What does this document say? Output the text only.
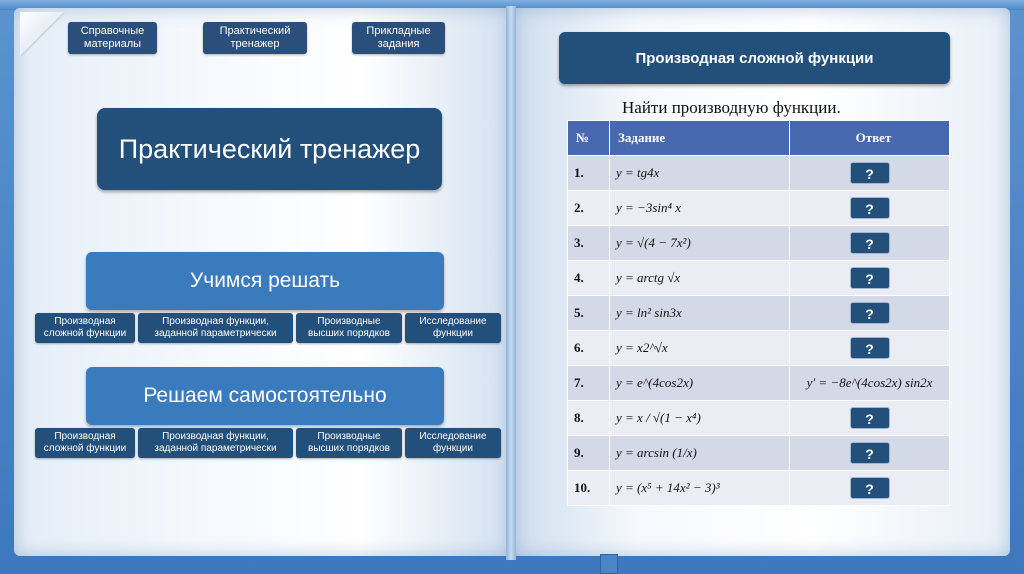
Справочные материалы
Практический тренажер
Прикладные задания
Практический тренажер
Учимся решать
Производная сложной функции
Производная функции, заданной параметрически
Производные высших порядков
Исследование функции
Решаем самостоятельно
Производная сложной функции
Производная функции, заданной параметрически
Производные высших порядков
Исследование функции
Производная сложной функции
Найти производную функции.
№	Задание	Ответ
1.	y = tg4x	?
2.	y = −3sin⁴ x	?
3.	y = √(4 − 7x²)	?
4.	y = arctg √x	?
5.	y = ln² sin3x	?
6.	y = x2^√x	?
7.	y = e^(4cos2x)	y′ = −8e^(4cos2x) sin2x
8.	y = x / √(1 − x⁴)	?
9.	y = arcsin (1/x)	?
10.	y = (x⁵ + 14x² − 3)³	?
